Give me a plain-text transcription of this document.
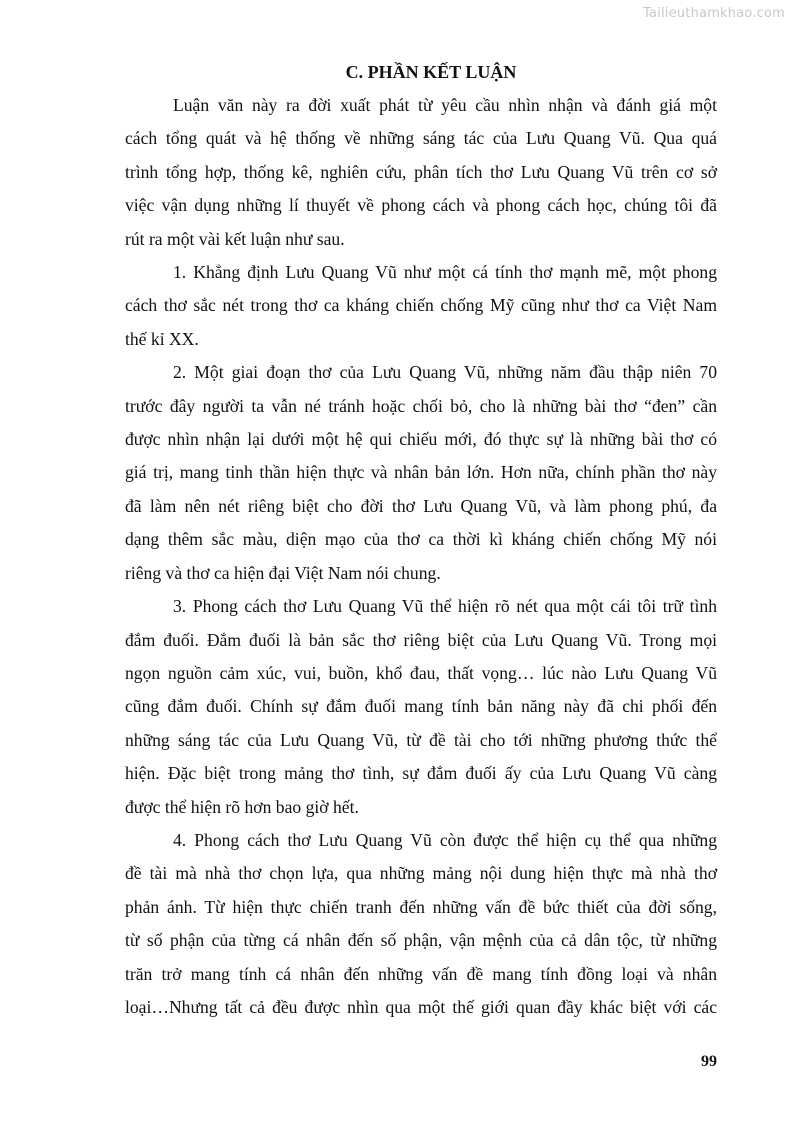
Tailieuthamkhao.com
C. PHẦN KẾT LUẬN
Luận văn này ra đời xuất phát từ yêu cầu nhìn nhận và đánh giá một
cách tổng quát và hệ thống về những sáng tác của Lưu Quang Vũ. Qua quá
trình tổng hợp, thống kê, nghiên cứu, phân tích thơ Lưu Quang Vũ trên cơ sở
việc vận dụng những lí thuyết về phong cách và phong cách học, chúng tôi đã
rút ra một vài kết luận như sau.
1. Khẳng định Lưu Quang Vũ như một cá tính thơ mạnh mẽ, một phong
cách thơ sắc nét trong thơ ca kháng chiến chống Mỹ cũng như thơ ca Việt Nam
thế kỉ XX.
2. Một giai đoạn thơ của Lưu Quang Vũ, những năm đầu thập niên 70
trước đây người ta vẫn né tránh hoặc chối bỏ, cho là những bài thơ “đen” cần
được nhìn nhận lại dưới một hệ qui chiếu mới, đó thực sự là những bài thơ có
giá trị, mang tinh thần hiện thực và nhân bản lớn. Hơn nữa, chính phần thơ này
đã làm nên nét riêng biệt cho đời thơ Lưu Quang Vũ, và làm phong phú, đa
dạng thêm sắc màu, diện mạo của thơ ca thời kì kháng chiến chống Mỹ nói
riêng và thơ ca hiện đại Việt Nam nói chung.
3. Phong cách thơ Lưu Quang Vũ thể hiện rõ nét qua một cái tôi trữ tình
đắm đuối. Đắm đuối là bản sắc thơ riêng biệt của Lưu Quang Vũ. Trong mọi
ngọn nguồn cảm xúc, vui, buồn, khổ đau, thất vọng… lúc nào Lưu Quang Vũ
cũng đắm đuối. Chính sự đắm đuối mang tính bản năng này đã chi phối đến
những sáng tác của Lưu Quang Vũ, từ đề tài cho tới những phương thức thể
hiện. Đặc biệt trong mảng thơ tình, sự đắm đuối ấy của Lưu Quang Vũ càng
được thể hiện rõ hơn bao giờ hết.
4. Phong cách thơ Lưu Quang Vũ còn được thể hiện cụ thể qua những
đề tài mà nhà thơ chọn lựa, qua những mảng nội dung hiện thực mà nhà thơ
phản ánh. Từ hiện thực chiến tranh đến những vấn đề bức thiết của đời sống,
từ số phận của từng cá nhân đến số phận, vận mệnh của cả dân tộc, từ những
trăn trở mang tính cá nhân đến những vấn đề mang tính đồng loại và nhân
loại…Nhưng tất cả đều được nhìn qua một thế giới quan đầy khác biệt với các
99
